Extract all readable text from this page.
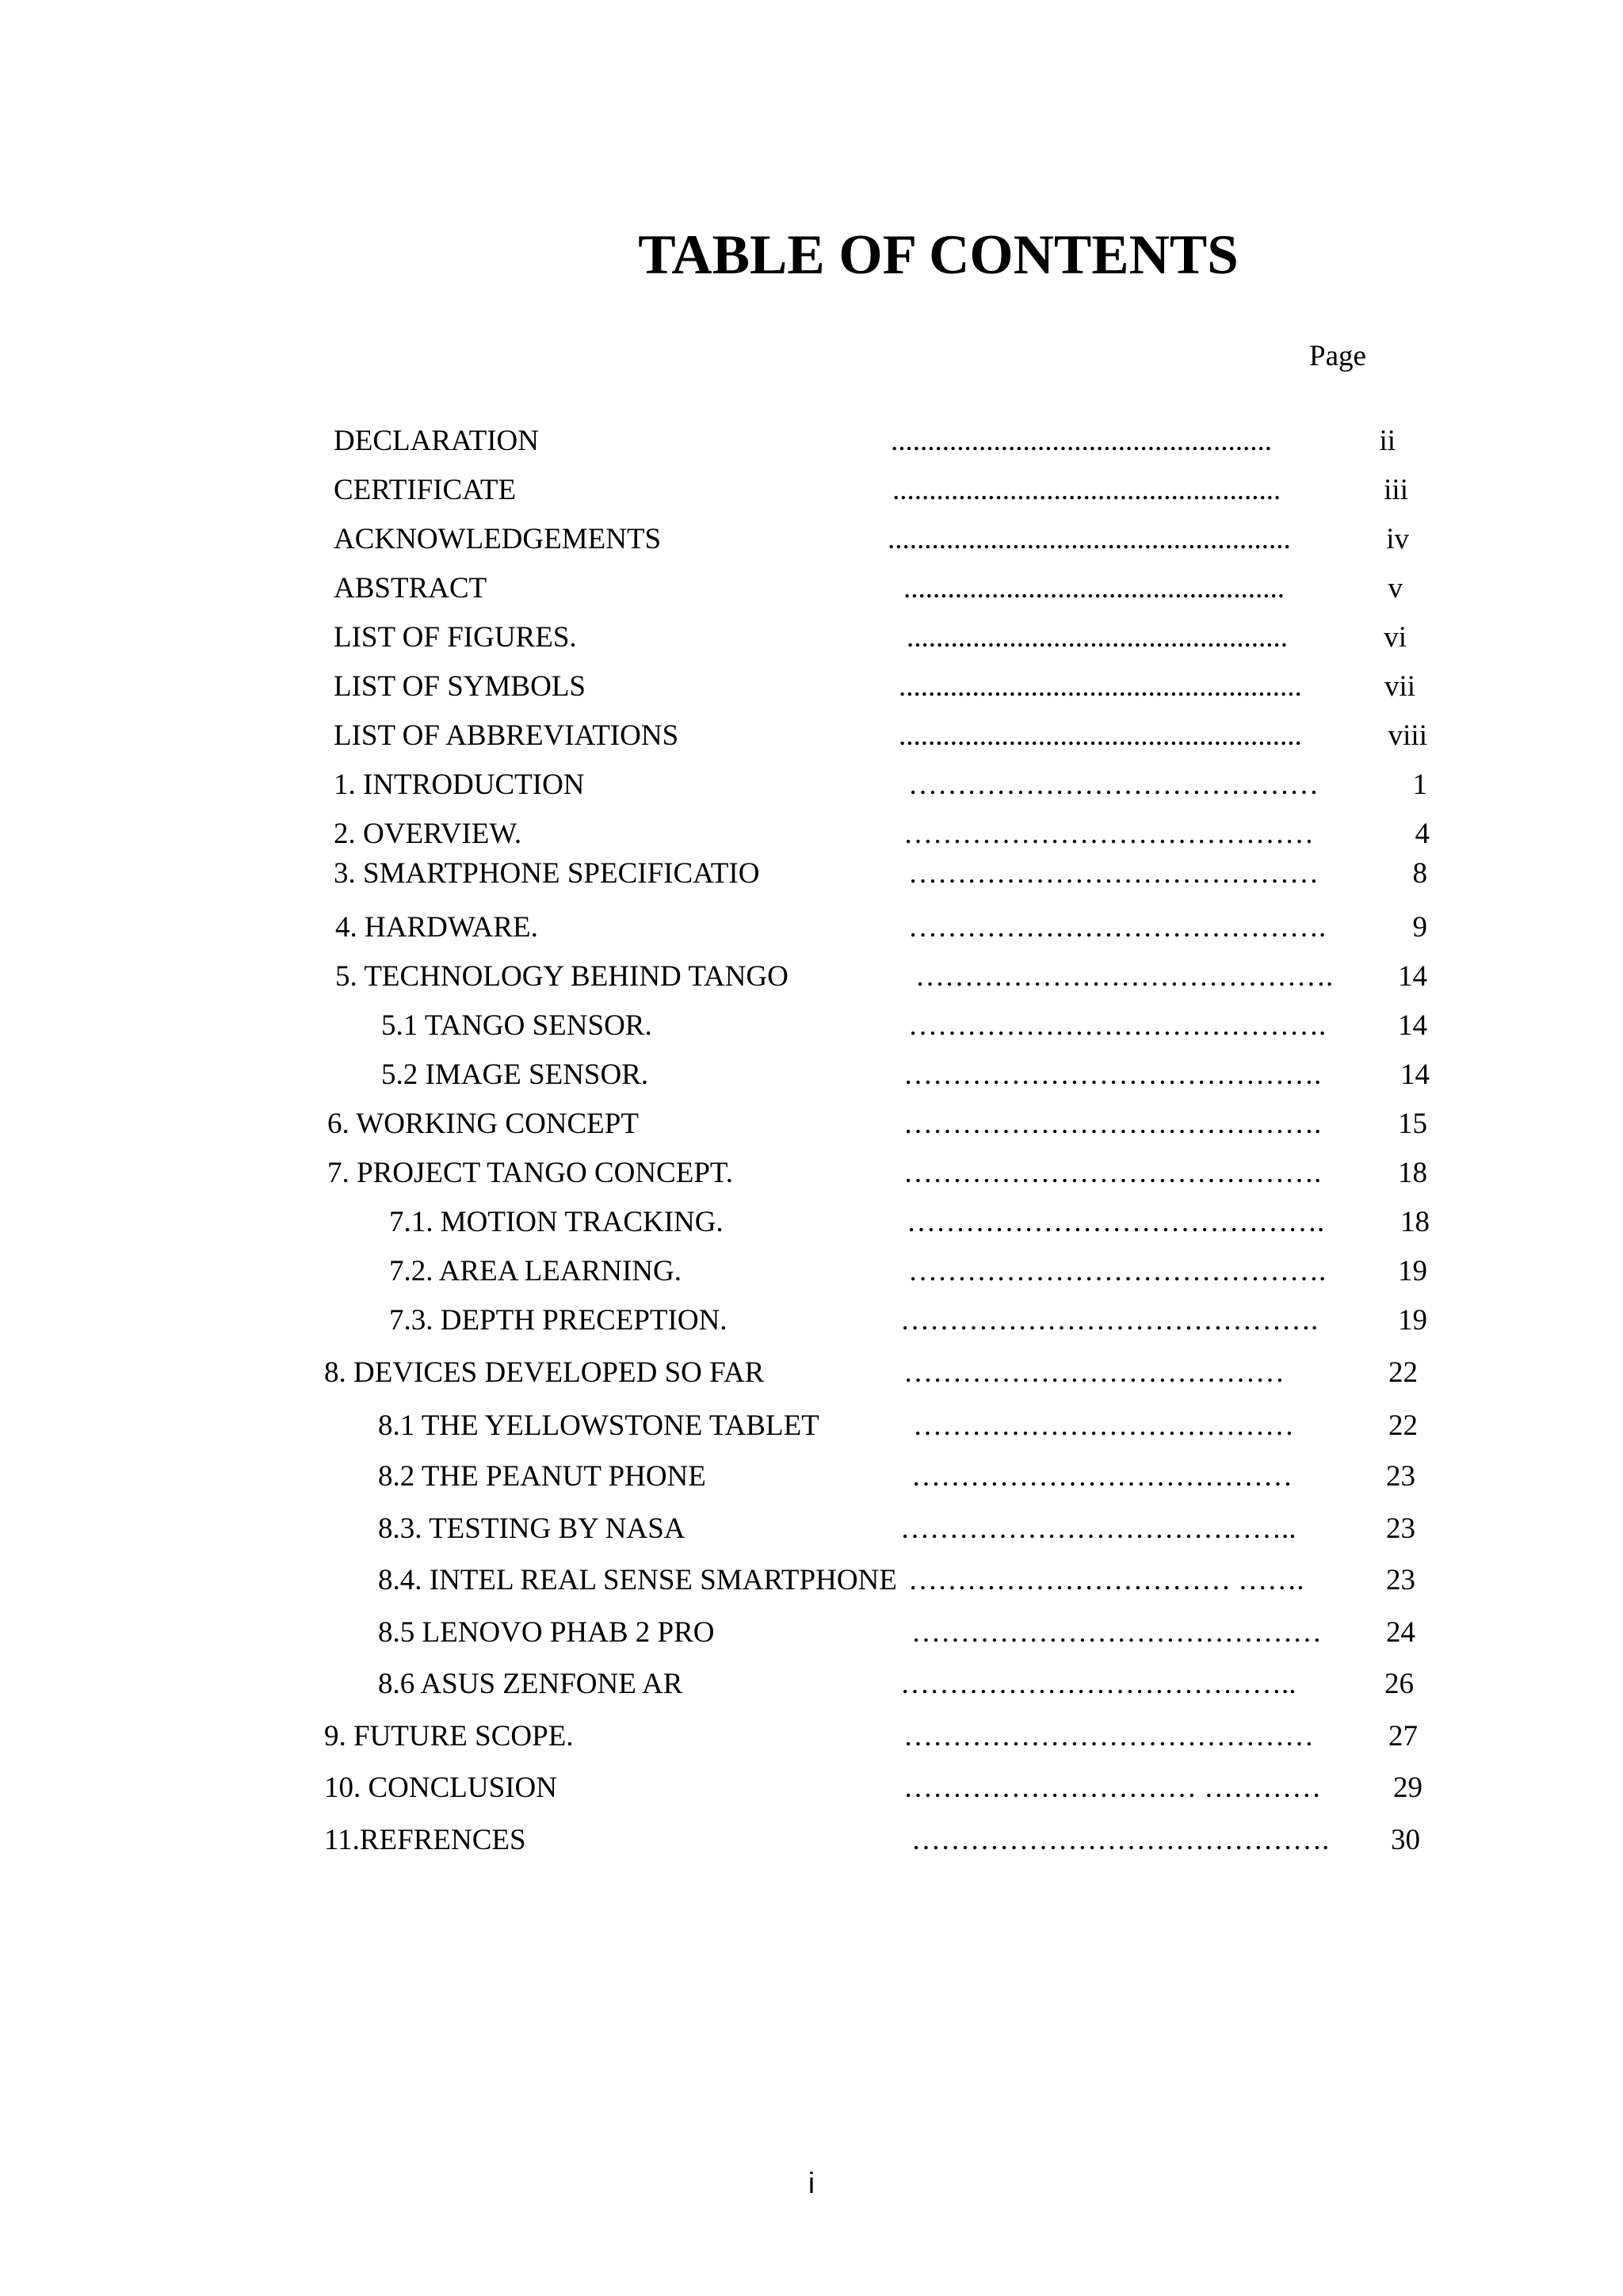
TABLE OF CONTENTS
Page
DECLARATION	....................................................	ii
CERTIFICATE	.....................................................	iii
ACKNOWLEDGEMENTS	.......................................................	iv
ABSTRACT	....................................................	v
LIST OF FIGURES.	....................................................	vi
LIST OF SYMBOLS	.......................................................	vii
LIST OF ABBREVIATIONS	.......................................................	viii
1. INTRODUCTION	……………………………………	1
2. OVERVIEW.	……………………………………	4
3. SMARTPHONE SPECIFICATIO	……………………………………	8
4. HARDWARE.	…………………………………….	9
5. TECHNOLOGY BEHIND TANGO	…………………………………….	14
5.1 TANGO SENSOR.	…………………………………….	14
5.2 IMAGE SENSOR.	…………………………………….	14
6. WORKING CONCEPT	…………………………………….	15
7. PROJECT TANGO CONCEPT.	…………………………………….	18
7.1. MOTION TRACKING.	…………………………………….	18
7.2. AREA LEARNING.	…………………………………….	19
7.3. DEPTH PRECEPTION.	…………………………………….	19
8. DEVICES DEVELOPED SO FAR	…………………………………	22
8.1 THE YELLOWSTONE TABLET	…………………………………	22
8.2 THE PEANUT PHONE	…………………………………	23
8.3. TESTING BY NASA	…………………………………..	23
8.4. INTEL REAL SENSE SMARTPHONE …………………………… …….	23
8.5 LENOVO PHAB 2 PRO	……………………………………	24
8.6 ASUS ZENFONE AR	…………………………………..	26
9. FUTURE SCOPE.	……………………………………	27
10. CONCLUSION	………………………… …………	29
11.REFRENCES	…………………………………….	30
i
